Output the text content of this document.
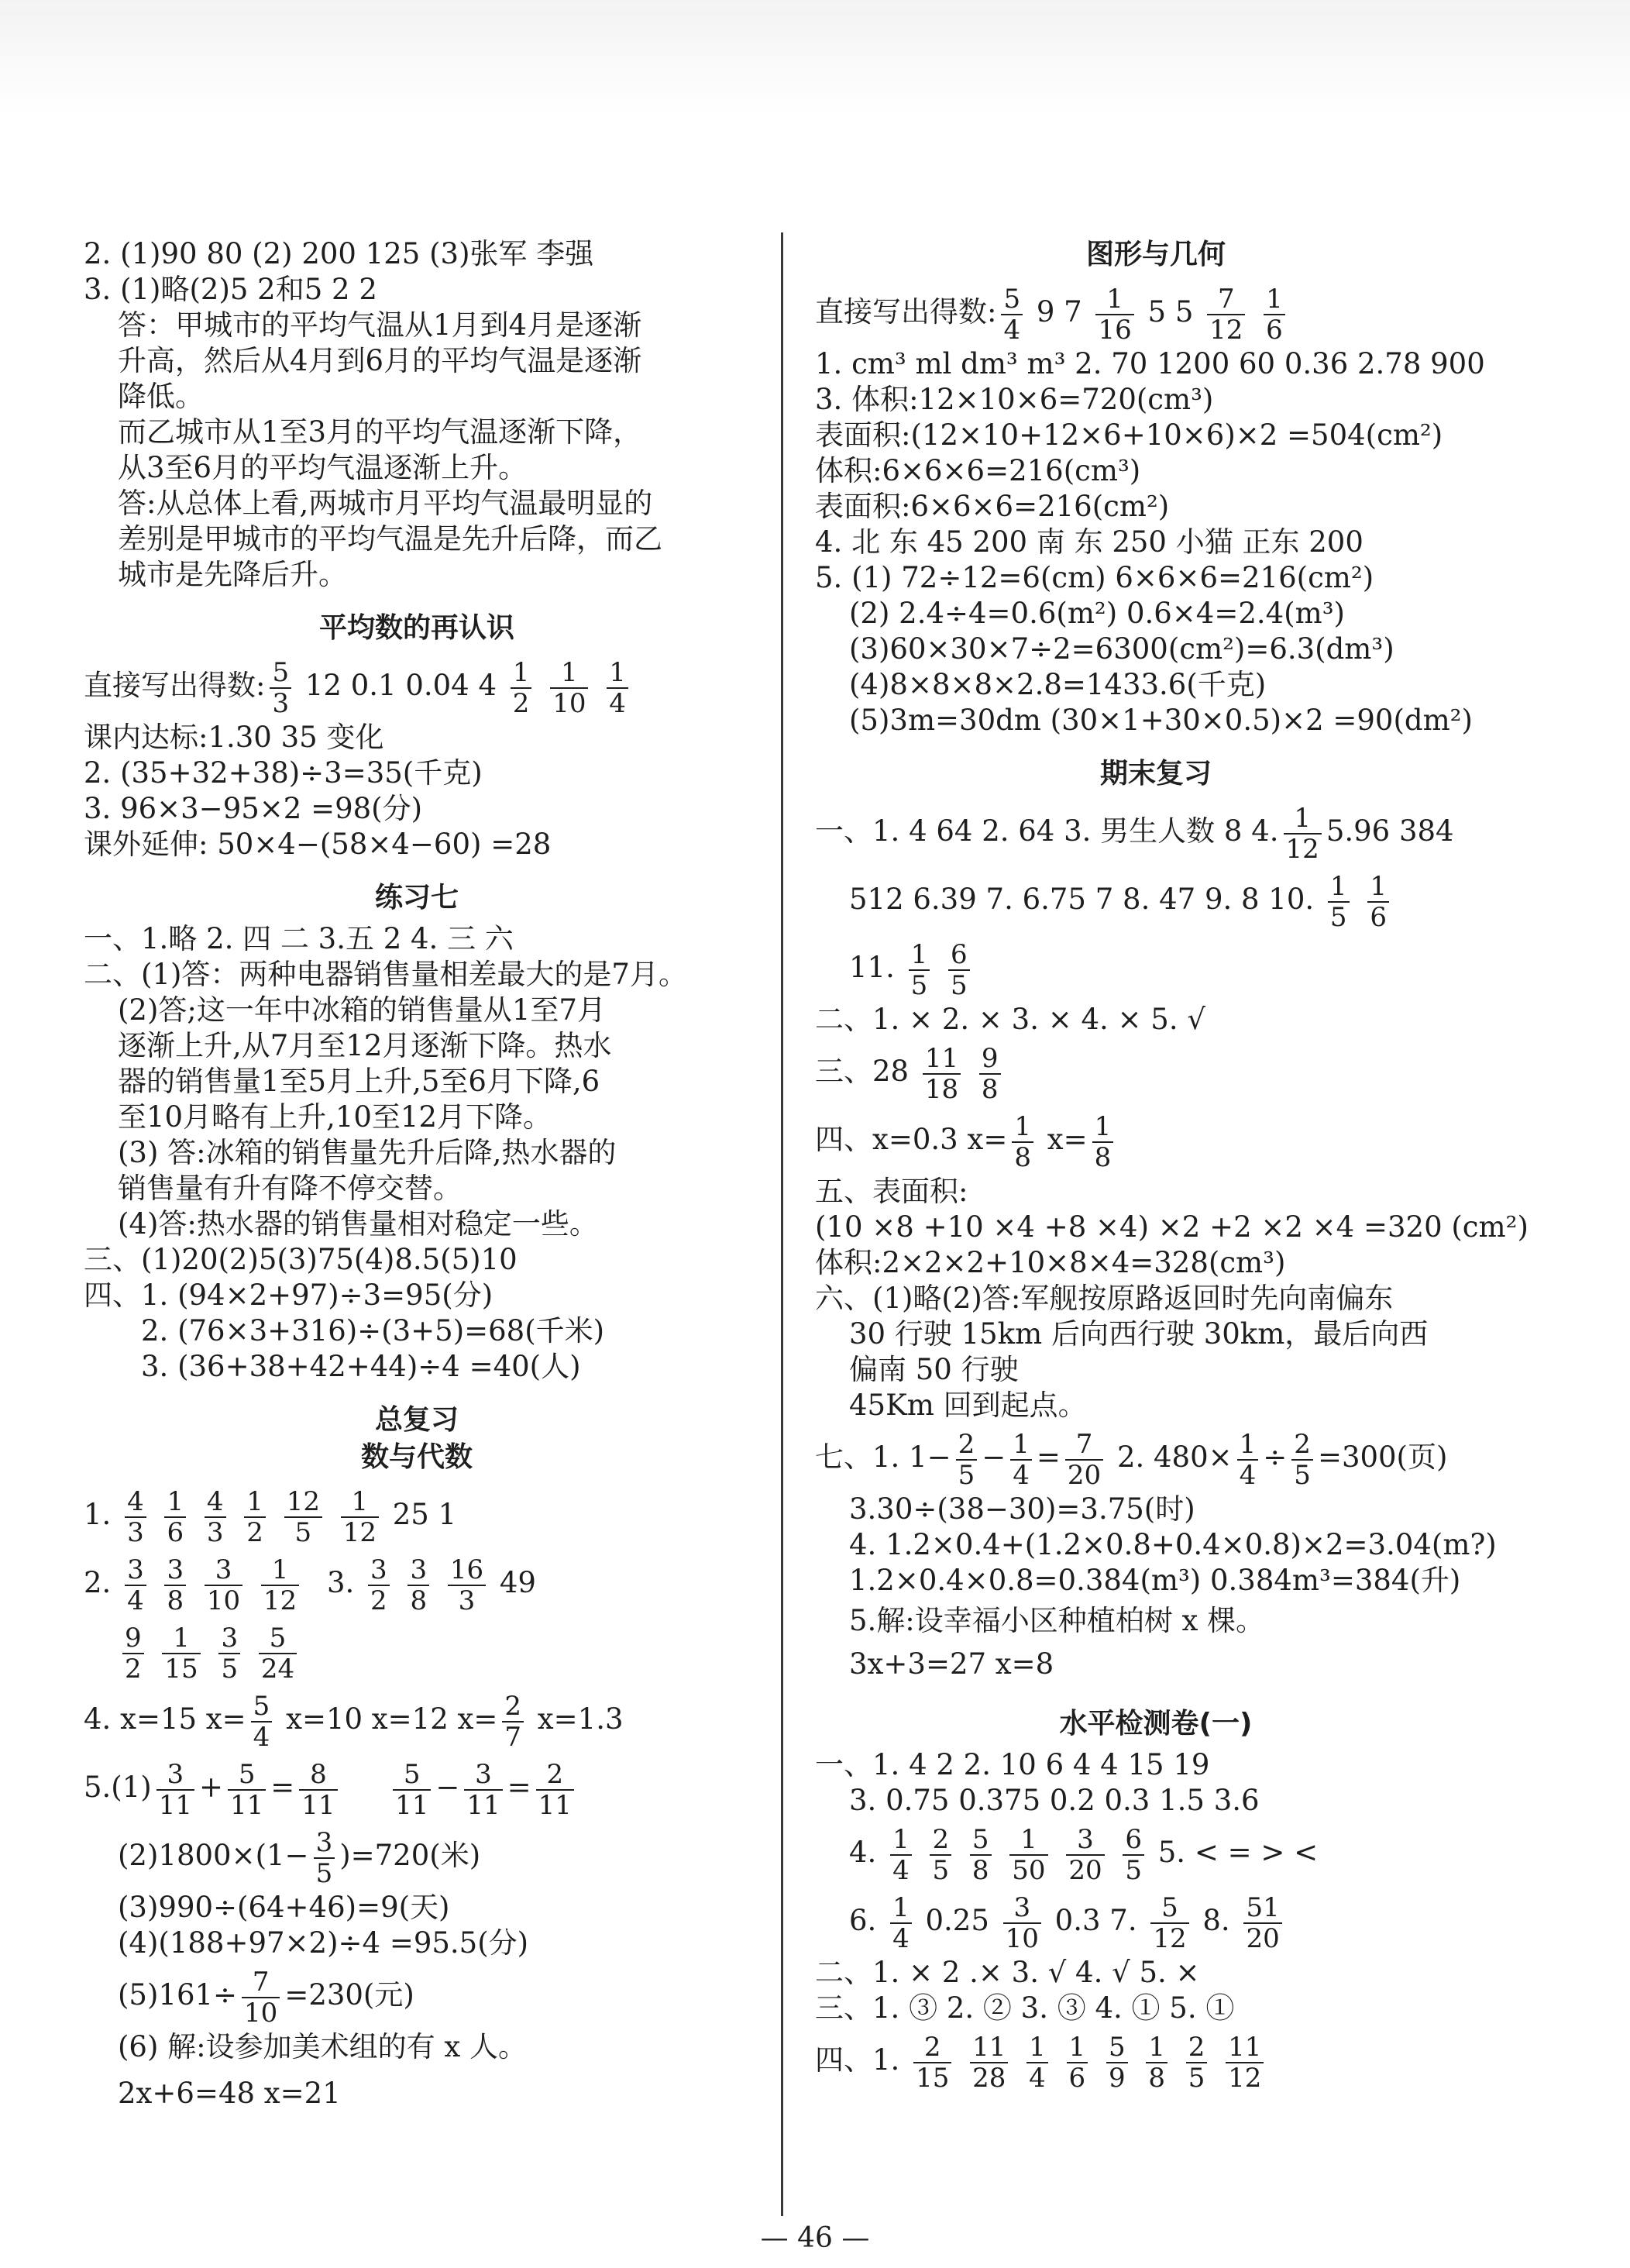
2. (1)90 80 (2) 200 125 (3)张军 李强
3. (1)略(2)5 2和5 2 2
答：甲城市的平均气温从1月到4月是逐渐
升高，然后从4月到6月的平均气温是逐渐
降低。
而乙城市从1至3月的平均气温逐渐下降，
从3至6月的平均气温逐渐上升。
答:从总体上看,两城市月平均气温最明显的
差别是甲城市的平均气温是先升后降，而乙
城市是先降后升。
平均数的再认识
直接写出得数: $\frac{5}{3} 12$ 0.1 0.04 $4 \frac{1}{2}$
$\frac{1}{10}$
$\frac{1}{4}$
课内达标:1.30 35 变化
2. (35+32+38)÷3=35(千克)
3. 96×3−95×2 =98(分)
课外延伸: 50×4−(58×4−60) =28
练习七
一、1.略 2. 四 二 3.五 2 4. 三 六
二、(1)答：两种电器销售量相差最大的是7月。
(2)答;这一年中冰箱的销售量从1至7月
逐渐上升,从7月至12月逐渐下降。热水
器的销售量1至5月上升,5至6月下降,6
至10月略有上升,10至12月下降。
(3) 答:冰箱的销售量先升后降,热水器的
销售量有升有降不停交替。
(4)答:热水器的销售量相对稳定一些。
三、(1)20(2)5(3)75(4)8.5(5)10
四、1. (94×2+97)÷3=95(分)
2. (76×3+316)÷(3+5)=68(千米)
3. (36+38+42+44)÷4 =40(人)
总复习
数与代数
1. $\frac{4}{3}$
$\frac{1}{6}$
$\frac{4}{3}$
$\frac{1}{2}$
$\frac{12}{5}$
$\frac{1}{12} 25$ 1
2. $\frac{3}{4}$
$\frac{3}{8}$
$\frac{3}{10}$
$\frac{1}{12} 3$. $\frac{3}{2}$
$\frac{3}{8}$
$\frac{16}{3} 49$
$\frac{9}{2}$
$\frac{1}{15}$
$\frac{3}{5}$
$\frac{5}{24}$
4. x=15 $x= \frac{5}{4} x=10$ x=12 $x= \frac{2}{7} x=1.3$
$5.(1) \frac{3}{11} + \frac{5}{11} = \frac{8}{11}$
$\frac{5}{11} - \frac{3}{11} = \frac{2}{11}$
$(2)1800\times(1- \frac{3}{5} )=720$(米)
(3)990÷(64+46)=9(天)
(4)(188+97×2)÷4 =95.5(分)
$(5)161\div \frac{7}{10} =230$(元)
(6) 解:设参加美术组的有 x 人。
2x+6=48 x=21
图形与几何
直接写出得数: $\frac{5}{4} 9$ $7 \frac{1}{16} 5$ $5 \frac{7}{12}$
$\frac{1}{6}$
1. cm³ ml dm³ m³ 2. 70 1200 60 0.36 2.78 900
3. 体积:12×10×6=720(cm³)
表面积:(12×10+12×6+10×6)×2 =504(cm²)
体积:6×6×6=216(cm³)
表面积:6×6×6=216(cm²)
4. 北 东 45 200 南 东 250 小猫 正东 200
5. (1) 72÷12=6(cm) 6×6×6=216(cm²)
(2) 2.4÷4=0.6(m²) 0.6×4=2.4(m³)
(3)60×30×7÷2=6300(cm²)=6.3(dm³)
(4)8×8×8×2.8=1433.6(千克)
(5)3m=30dm (30×1+30×0.5)×2 =90(dm²)
期末复习
一、1. 4 64 2. 64 3. 男生人数 8 4. $\frac{1}{12} 5.96$ 384
512 6.39 7. 6.75 7 8. 47 9. 8 10. $\frac{1}{5}$
$\frac{1}{6}$
11. $\frac{1}{5}$
$\frac{6}{5}$
二、1. × 2. × 3. × 4. × 5. √
三、$28 \frac{11}{18}$
$\frac{9}{8}$
四、x=0.3 $x= \frac{1}{8} x= \frac{1}{8}$
五、表面积:
(10 ×8 +10 ×4 +8 ×4) ×2 +2 ×2 ×4 =320 (cm²)
体积:2×2×2+10×8×4=328(cm³)
六、(1)略(2)答:军舰按原路返回时先向南偏东
30 行驶 15km 后向西行驶 30km，最后向西
偏南 50 行驶
45Km 回到起点。
七、1. $1- \frac{2}{5} - \frac{1}{4} = \frac{7}{20} 2$. $480\times \frac{1}{4} \div \frac{2}{5} =300$(页)
3.30÷(38−30)=3.75(时)
4. 1.2×0.4+(1.2×0.8+0.4×0.8)×2=3.04(m?)
1.2×0.4×0.8=0.384(m³) 0.384m³=384(升)
5.解:设幸福小区种植柏树 x 棵。
3x+3=27 x=8
水平检测卷(一)
一、1. 4 2 2. 10 6 4 4 15 19
3. 0.75 0.375 0.2 0.3 1.5 3.6
4. $\frac{1}{4}$
$\frac{2}{5}$
$\frac{5}{8}$
$\frac{1}{50}$
$\frac{3}{20}$
$\frac{6}{5} 5$. < = > <
6. $\frac{1}{4} 0.25 \frac{3}{10} 0.3$ 7. $\frac{5}{12} 8$. $\frac{51}{20}$
二、1. × 2 .× 3. √ 4. √ 5. ×
三、1. ③ 2. ② 3. ③ 4. ① 5. ①
四、1. $\frac{2}{15}$
$\frac{11}{28}$
$\frac{1}{4}$
$\frac{1}{6}$
$\frac{5}{9}$
$\frac{1}{8}$
$\frac{2}{5}$
$\frac{11}{12}$
— 46 —
